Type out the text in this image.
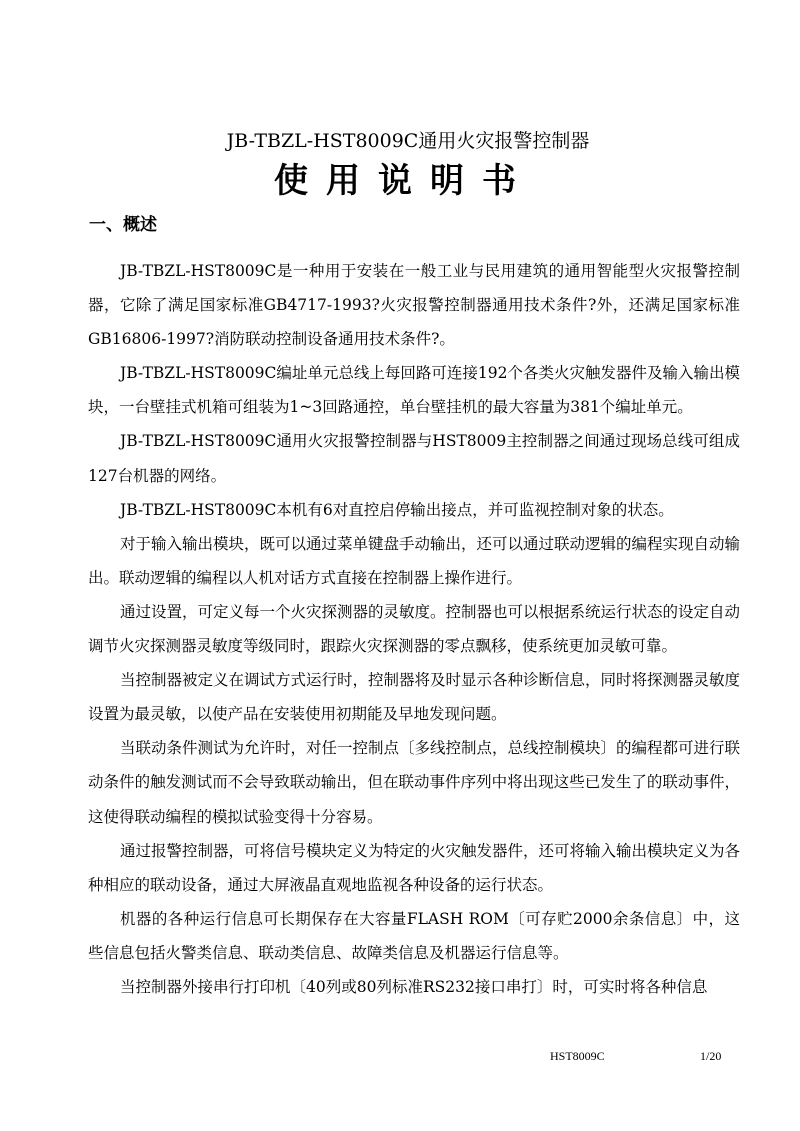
JB-TBZL-HST8009C通用火灾报警控制器
使用说明书
一、概述

JB-TBZL-HST8009C是一种用于安装在一般工业与民用建筑的通用智能型火灾报警控制器，它除了满足国家标准GB4717-1993?火灾报警控制器通用技术条件?外，还满足国家标准GB16806-1997?消防联动控制设备通用技术条件?。

JB-TBZL-HST8009C编址单元总线上每回路可连接192个各类火灾触发器件及输入输出模块，一台壁挂式机箱可组装为1~3回路通控，单台壁挂机的最大容量为381个编址单元。

JB-TBZL-HST8009C通用火灾报警控制器与HST8009主控制器之间通过现场总线可组成127台机器的网络。

JB-TBZL-HST8009C本机有6对直控启停输出接点，并可监视控制对象的状态。

对于输入输出模块，既可以通过菜单键盘手动输出，还可以通过联动逻辑的编程实现自动输出。联动逻辑的编程以人机对话方式直接在控制器上操作进行。

通过设置，可定义每一个火灾探测器的灵敏度。控制器也可以根据系统运行状态的设定自动调节火灾探测器灵敏度等级同时，跟踪火灾探测器的零点飘移，使系统更加灵敏可靠。

当控制器被定义在调试方式运行时，控制器将及时显示各种诊断信息，同时将探测器灵敏度设置为最灵敏，以使产品在安装使用初期能及早地发现问题。

当联动条件测试为允许时，对任一控制点〔多线控制点，总线控制模块〕的编程都可进行联动条件的触发测试而不会导致联动输出，但在联动事件序列中将出现这些已发生了的联动事件，这使得联动编程的模拟试验变得十分容易。

通过报警控制器，可将信号模块定义为特定的火灾触发器件，还可将输入输出模块定义为各种相应的联动设备，通过大屏液晶直观地监视各种设备的运行状态。

机器的各种运行信息可长期保存在大容量FLASH ROM〔可存贮2000余条信息〕中，这些信息包括火警类信息、联动类信息、故障类信息及机器运行信息等。

当控制器外接串行打印机〔40列或80列标准RS232接口串打〕时，可实时将各种信息

HST8009C	1/20
